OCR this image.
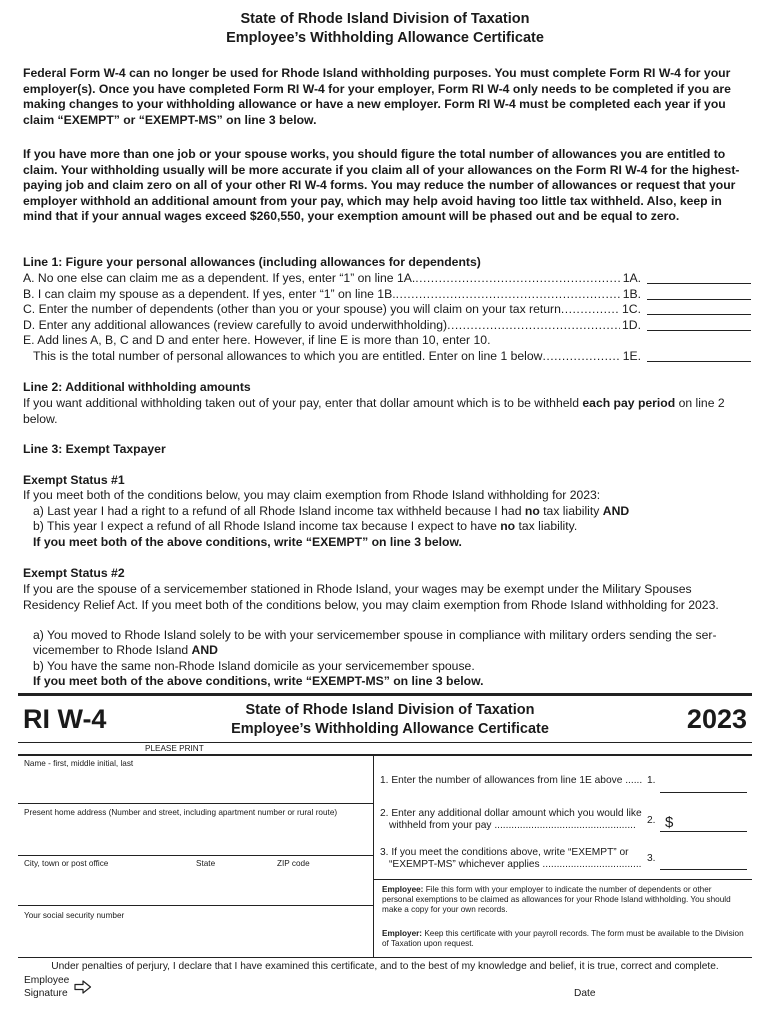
State of Rhode Island Division of Taxation
Employee’s Withholding Allowance Certificate
Federal Form W-4 can no longer be used for Rhode Island withholding purposes. You must complete Form RI W-4 for your employer(s). Once you have completed Form RI W-4 for your employer, Form RI W-4 only needs to be completed if you are making changes to your withholding allowance or have a new employer. Form RI W-4 must be completed each year if you claim “EXEMPT” or “EXEMPT-MS” on line 3 below.
If you have more than one job or your spouse works, you should figure the total number of allowances you are entitled to claim. Your withholding usually will be more accurate if you claim all of your allowances on the Form RI W-4 for the highest-paying job and claim zero on all of your other RI W-4 forms. You may reduce the number of allowances or request that your employer withhold an additional amount from your pay, which may help avoid having too little tax withheld. Also, keep in mind that if your annual wages exceed $260,550, your exemption amount will be phased out and be equal to zero.
Line 1: Figure your personal allowances (including allowances for dependents)
A. No one else can claim me as a dependent. If yes, enter “1” on line 1A. .....	1A.
B. I can claim my spouse as a dependent. If yes, enter “1” on line 1B. .....	1B.
C. Enter the number of dependents (other than you or your spouse) you will claim on your tax return .....	1C.
D. Enter any additional allowances (review carefully to avoid underwithholding) .....	1D.
E. Add lines A, B, C and D and enter here. However, if line E is more than 10, enter 10.
This is the total number of personal allowances to which you are entitled. Enter on line 1 below .....	1E.
Line 2: Additional withholding amounts
If you want additional withholding taken out of your pay, enter that dollar amount which is to be withheld each pay period on line 2 below.
Line 3: Exempt Taxpayer
Exempt Status #1
If you meet both of the conditions below, you may claim exemption from Rhode Island withholding for 2023:
a) Last year I had a right to a refund of all Rhode Island income tax withheld because I had no tax liability AND
b) This year I expect a refund of all Rhode Island income tax because I expect to have no tax liability.
If you meet both of the above conditions, write “EXEMPT” on line 3 below.
Exempt Status #2
If you are the spouse of a servicemember stationed in Rhode Island, your wages may be exempt under the Military Spouses Residency Relief Act. If you meet both of the conditions below, you may claim exemption from Rhode Island withholding for 2023.
a) You moved to Rhode Island solely to be with your servicemember spouse in compliance with military orders sending the ser-
vicemember to Rhode Island AND
b) You have the same non-Rhode Island domicile as your servicemember spouse.
If you meet both of the above conditions, write “EXEMPT-MS” on line 3 below.
RI W-4	State of Rhode Island Division of Taxation
Employee’s Withholding Allowance Certificate	2023
PLEASE PRINT
Name - first, middle initial, last
Present home address (Number and street, including apartment number or rural route)
City, town or post office	State	ZIP code
Your social security number
1. Enter the number of allowances from line 1E above ...... 1.
2. Enter any additional dollar amount which you would like
withheld from your pay .................................................. 2. $
3. If you meet the conditions above, write “EXEMPT” or
“EXEMPT-MS” whichever applies ...................................
3.
Employee: File this form with your employer to indicate the number of dependents or other personal exemptions to be claimed as allowances for your Rhode Island withholding. You should make a copy for your own records.
Employer: Keep this certificate with your payroll records. The form must be available to the Division of Taxation upon request.
Under penalties of perjury, I declare that I have examined this certificate, and to the best of my knowledge and belief, it is true, correct and complete.
Employee
Signature	Date
